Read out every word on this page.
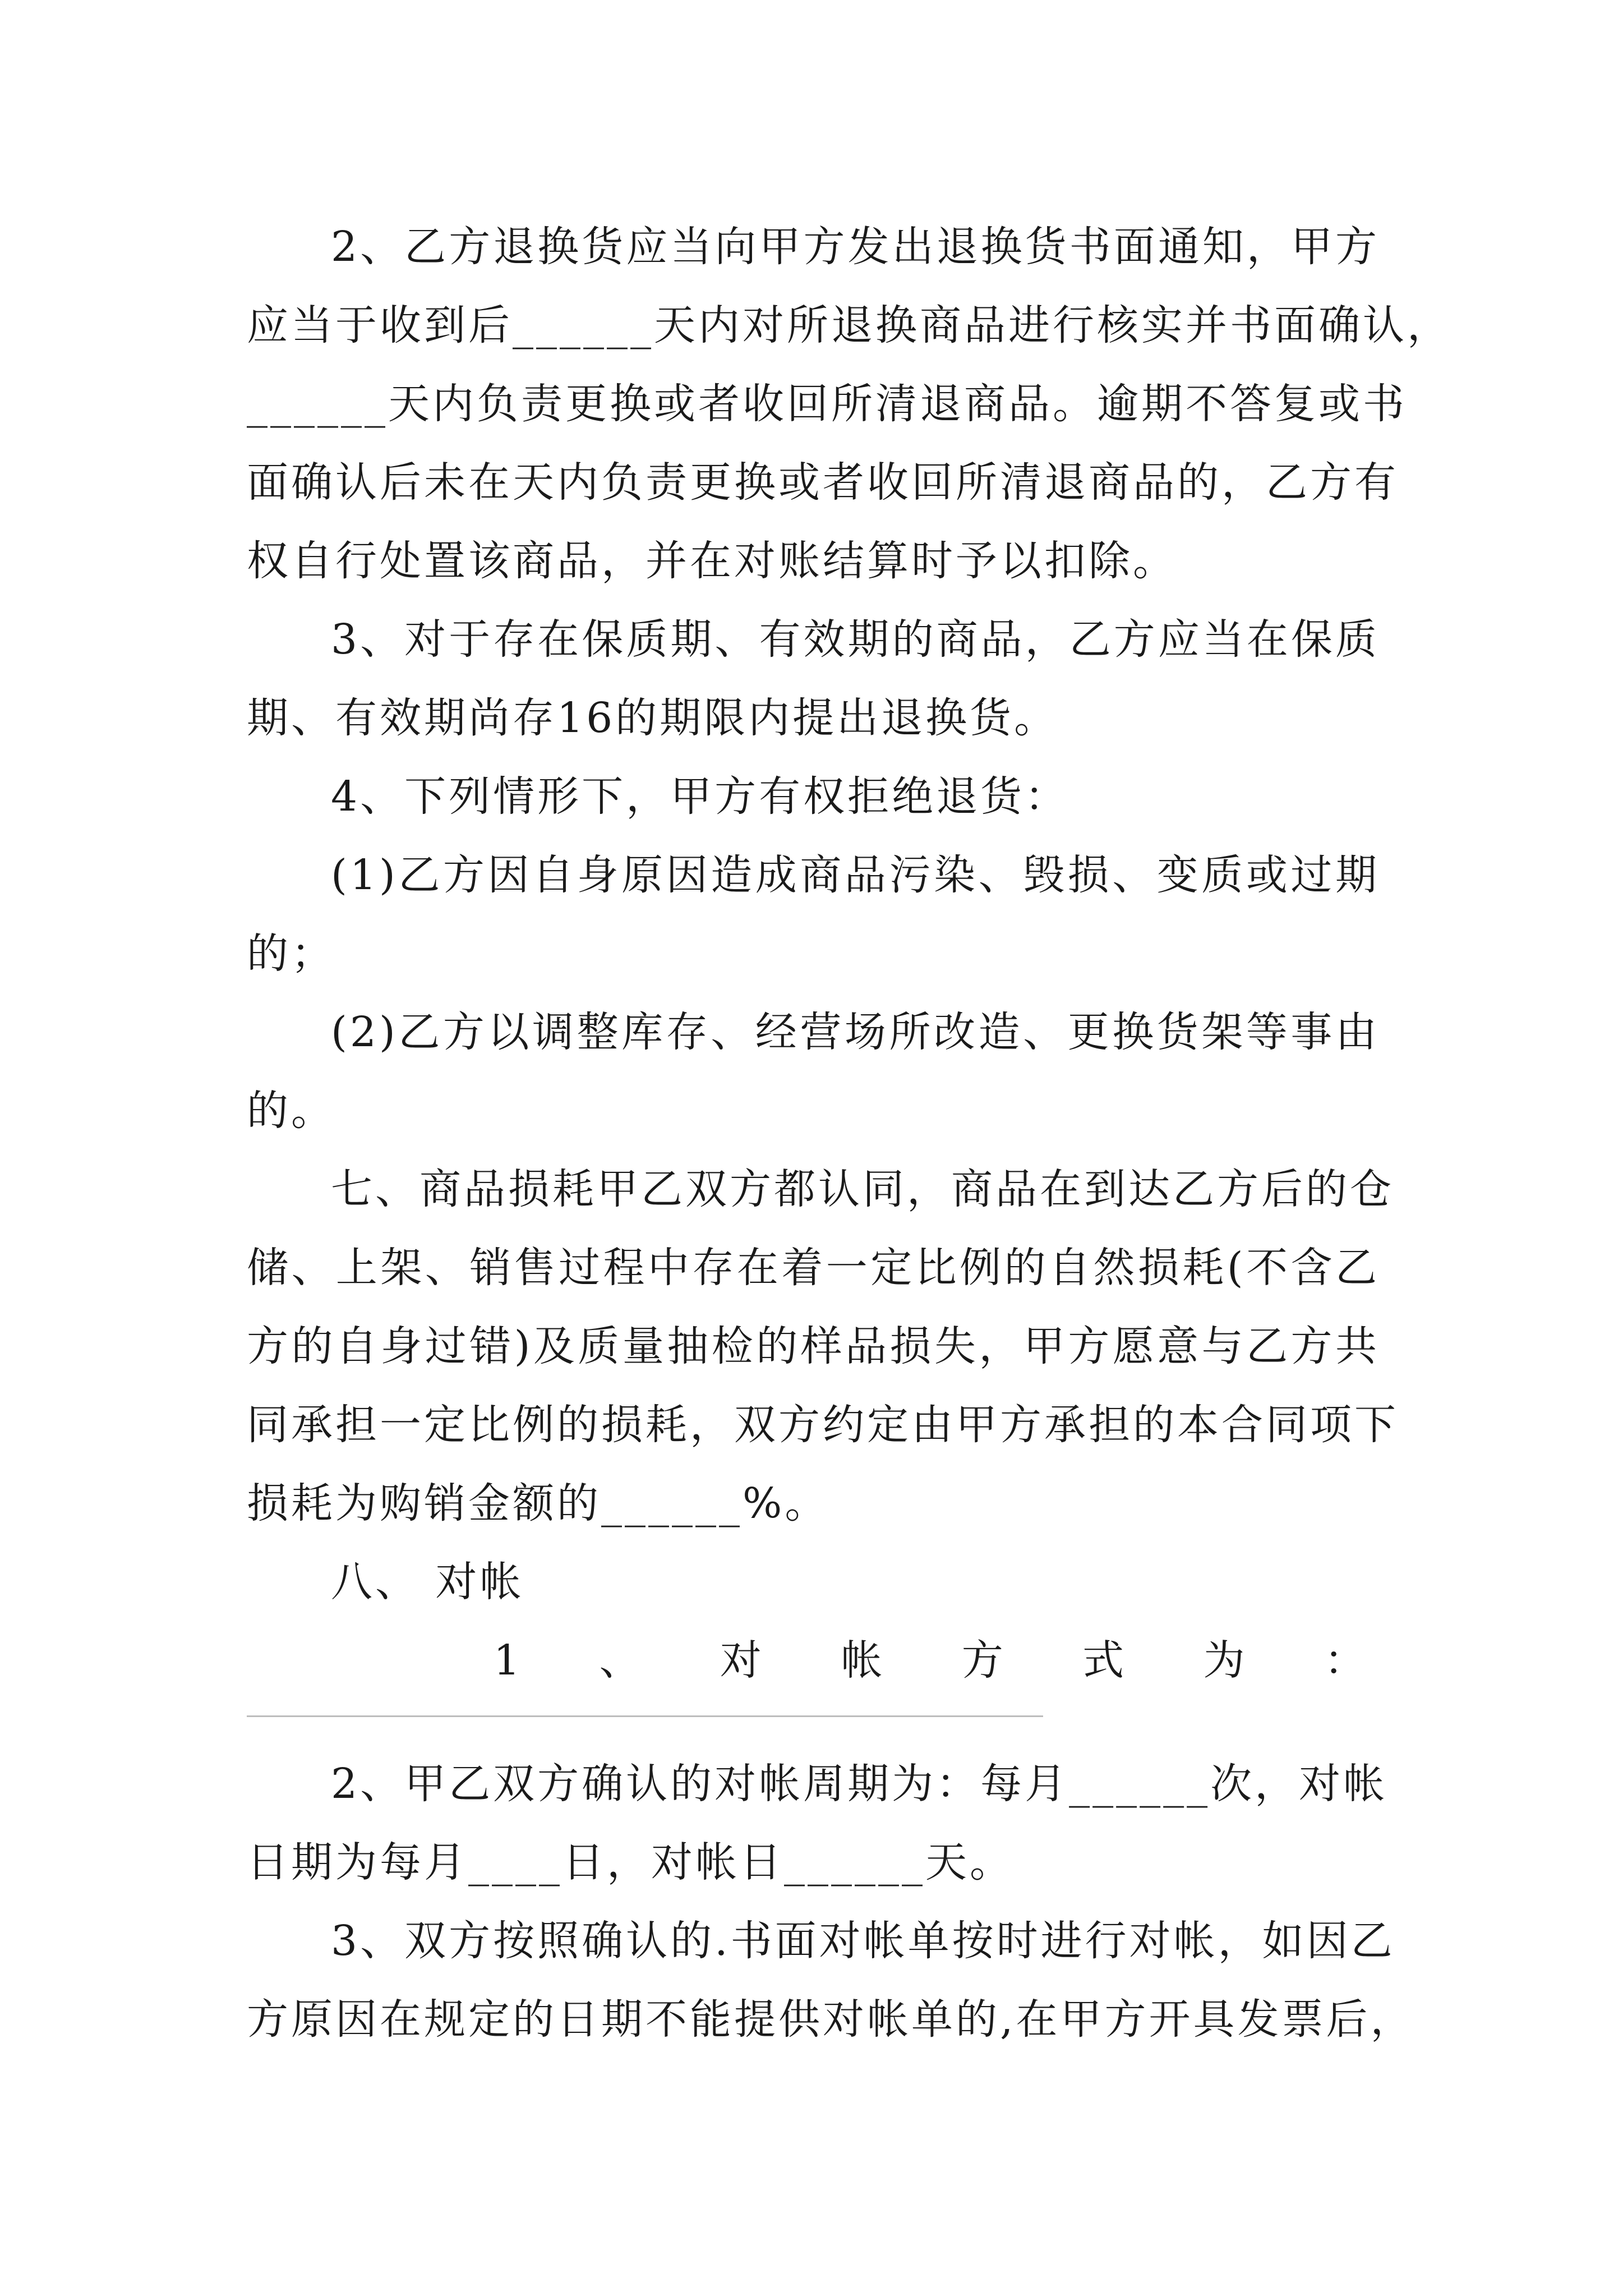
2、乙方退换货应当向甲方发出退换货书面通知，甲方
应当于收到后______天内对所退换商品进行核实并书面确认，
______天内负责更换或者收回所清退商品。逾期不答复或书
面确认后未在天内负责更换或者收回所清退商品的，乙方有
权自行处置该商品，并在对账结算时予以扣除。
3、对于存在保质期、有效期的商品，乙方应当在保质
期、有效期尚存16的期限内提出退换货。
4、下列情形下，甲方有权拒绝退货：
(1)乙方因自身原因造成商品污染、毁损、变质或过期
的；
(2)乙方以调整库存、经营场所改造、更换货架等事由
的。
七、商品损耗甲乙双方都认同，商品在到达乙方后的仓
储、上架、销售过程中存在着一定比例的自然损耗(不含乙
方的自身过错)及质量抽检的样品损失，甲方愿意与乙方共
同承担一定比例的损耗，双方约定由甲方承担的本合同项下
损耗为购销金额的______%。
八、 对帐
1、对帐方式为：
2、甲乙双方确认的对帐周期为：每月______次，对帐
日期为每月____日，对帐日______天。
3、双方按照确认的.书面对帐单按时进行对帐，如因乙
方原因在规定的日期不能提供对帐单的,在甲方开具发票后，
